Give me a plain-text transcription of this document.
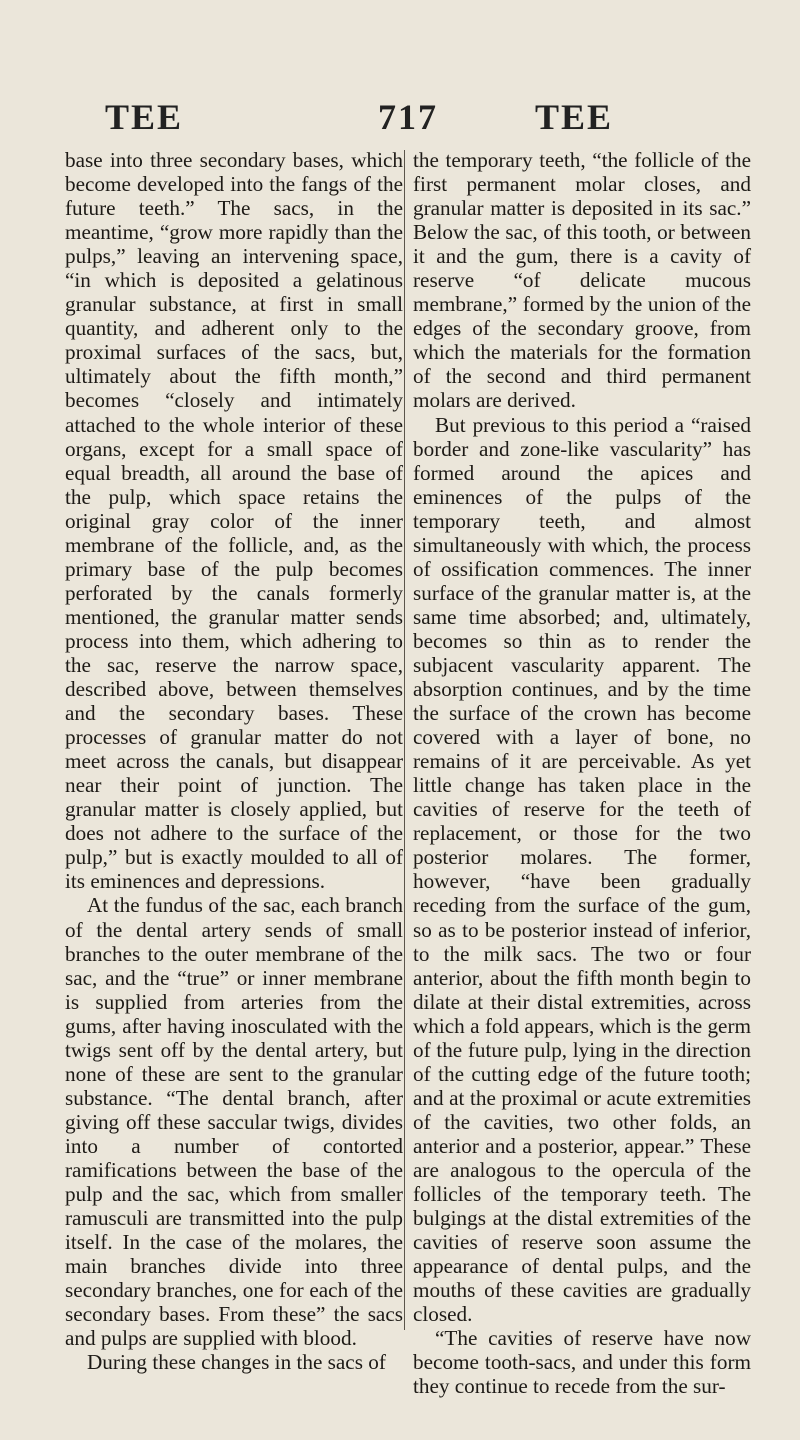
TEE	717	TEE

base into three secondary bases, which become developed into the fangs of the future teeth.” The sacs, in the meantime, “grow more rapidly than the pulps,” leaving an intervening space, “in which is deposited a gelatinous granular substance, at first in small quantity, and adherent only to the proximal surfaces of the sacs, but, ultimately about the fifth month,” becomes “closely and intimately attached to the whole interior of these organs, except for a small space of equal breadth, all around the base of the pulp, which space retains the original gray color of the inner membrane of the follicle, and, as the primary base of the pulp becomes perforated by the canals formerly mentioned, the granular matter sends process into them, which adhering to the sac, reserve the narrow space, described above, between themselves and the secondary bases. These processes of granular matter do not meet across the canals, but disappear near their point of junction. The granular matter is closely applied, but does not adhere to the surface of the pulp,” but is exactly moulded to all of its eminences and depressions.

At the fundus of the sac, each branch of the dental artery sends of small branches to the outer membrane of the sac, and the “true” or inner membrane is supplied from arteries from the gums, after having inosculated with the twigs sent off by the dental artery, but none of these are sent to the granular substance. “The dental branch, after giving off these saccular twigs, divides into a number of contorted ramifications between the base of the pulp and the sac, which from smaller ramusculi are transmitted into the pulp itself. In the case of the molares, the main branches divide into three secondary branches, one for each of the secondary bases. From these” the sacs and pulps are supplied with blood.

During these changes in the sacs of

the temporary teeth, “the follicle of the first permanent molar closes, and granular matter is deposited in its sac.” Below the sac, of this tooth, or between it and the gum, there is a cavity of reserve “of delicate mucous membrane,” formed by the union of the edges of the secondary groove, from which the materials for the formation of the second and third permanent molars are derived.

But previous to this period a “raised border and zone-like vascularity” has formed around the apices and eminences of the pulps of the temporary teeth, and almost simultaneously with which, the process of ossification commences. The inner surface of the granular matter is, at the same time absorbed; and, ultimately, becomes so thin as to render the subjacent vascularity apparent. The absorption continues, and by the time the surface of the crown has become covered with a layer of bone, no remains of it are perceivable. As yet little change has taken place in the cavities of reserve for the teeth of replacement, or those for the two posterior molares. The former, however, “have been gradually receding from the surface of the gum, so as to be posterior instead of inferior, to the milk sacs. The two or four anterior, about the fifth month begin to dilate at their distal extremities, across which a fold appears, which is the germ of the future pulp, lying in the direction of the cutting edge of the future tooth; and at the proximal or acute extremities of the cavities, two other folds, an anterior and a posterior, appear.” These are analogous to the opercula of the follicles of the temporary teeth. The bulgings at the distal extremities of the cavities of reserve soon assume the appearance of dental pulps, and the mouths of these cavities are gradually closed.

“The cavities of reserve have now become tooth-sacs, and under this form they continue to recede from the sur-
